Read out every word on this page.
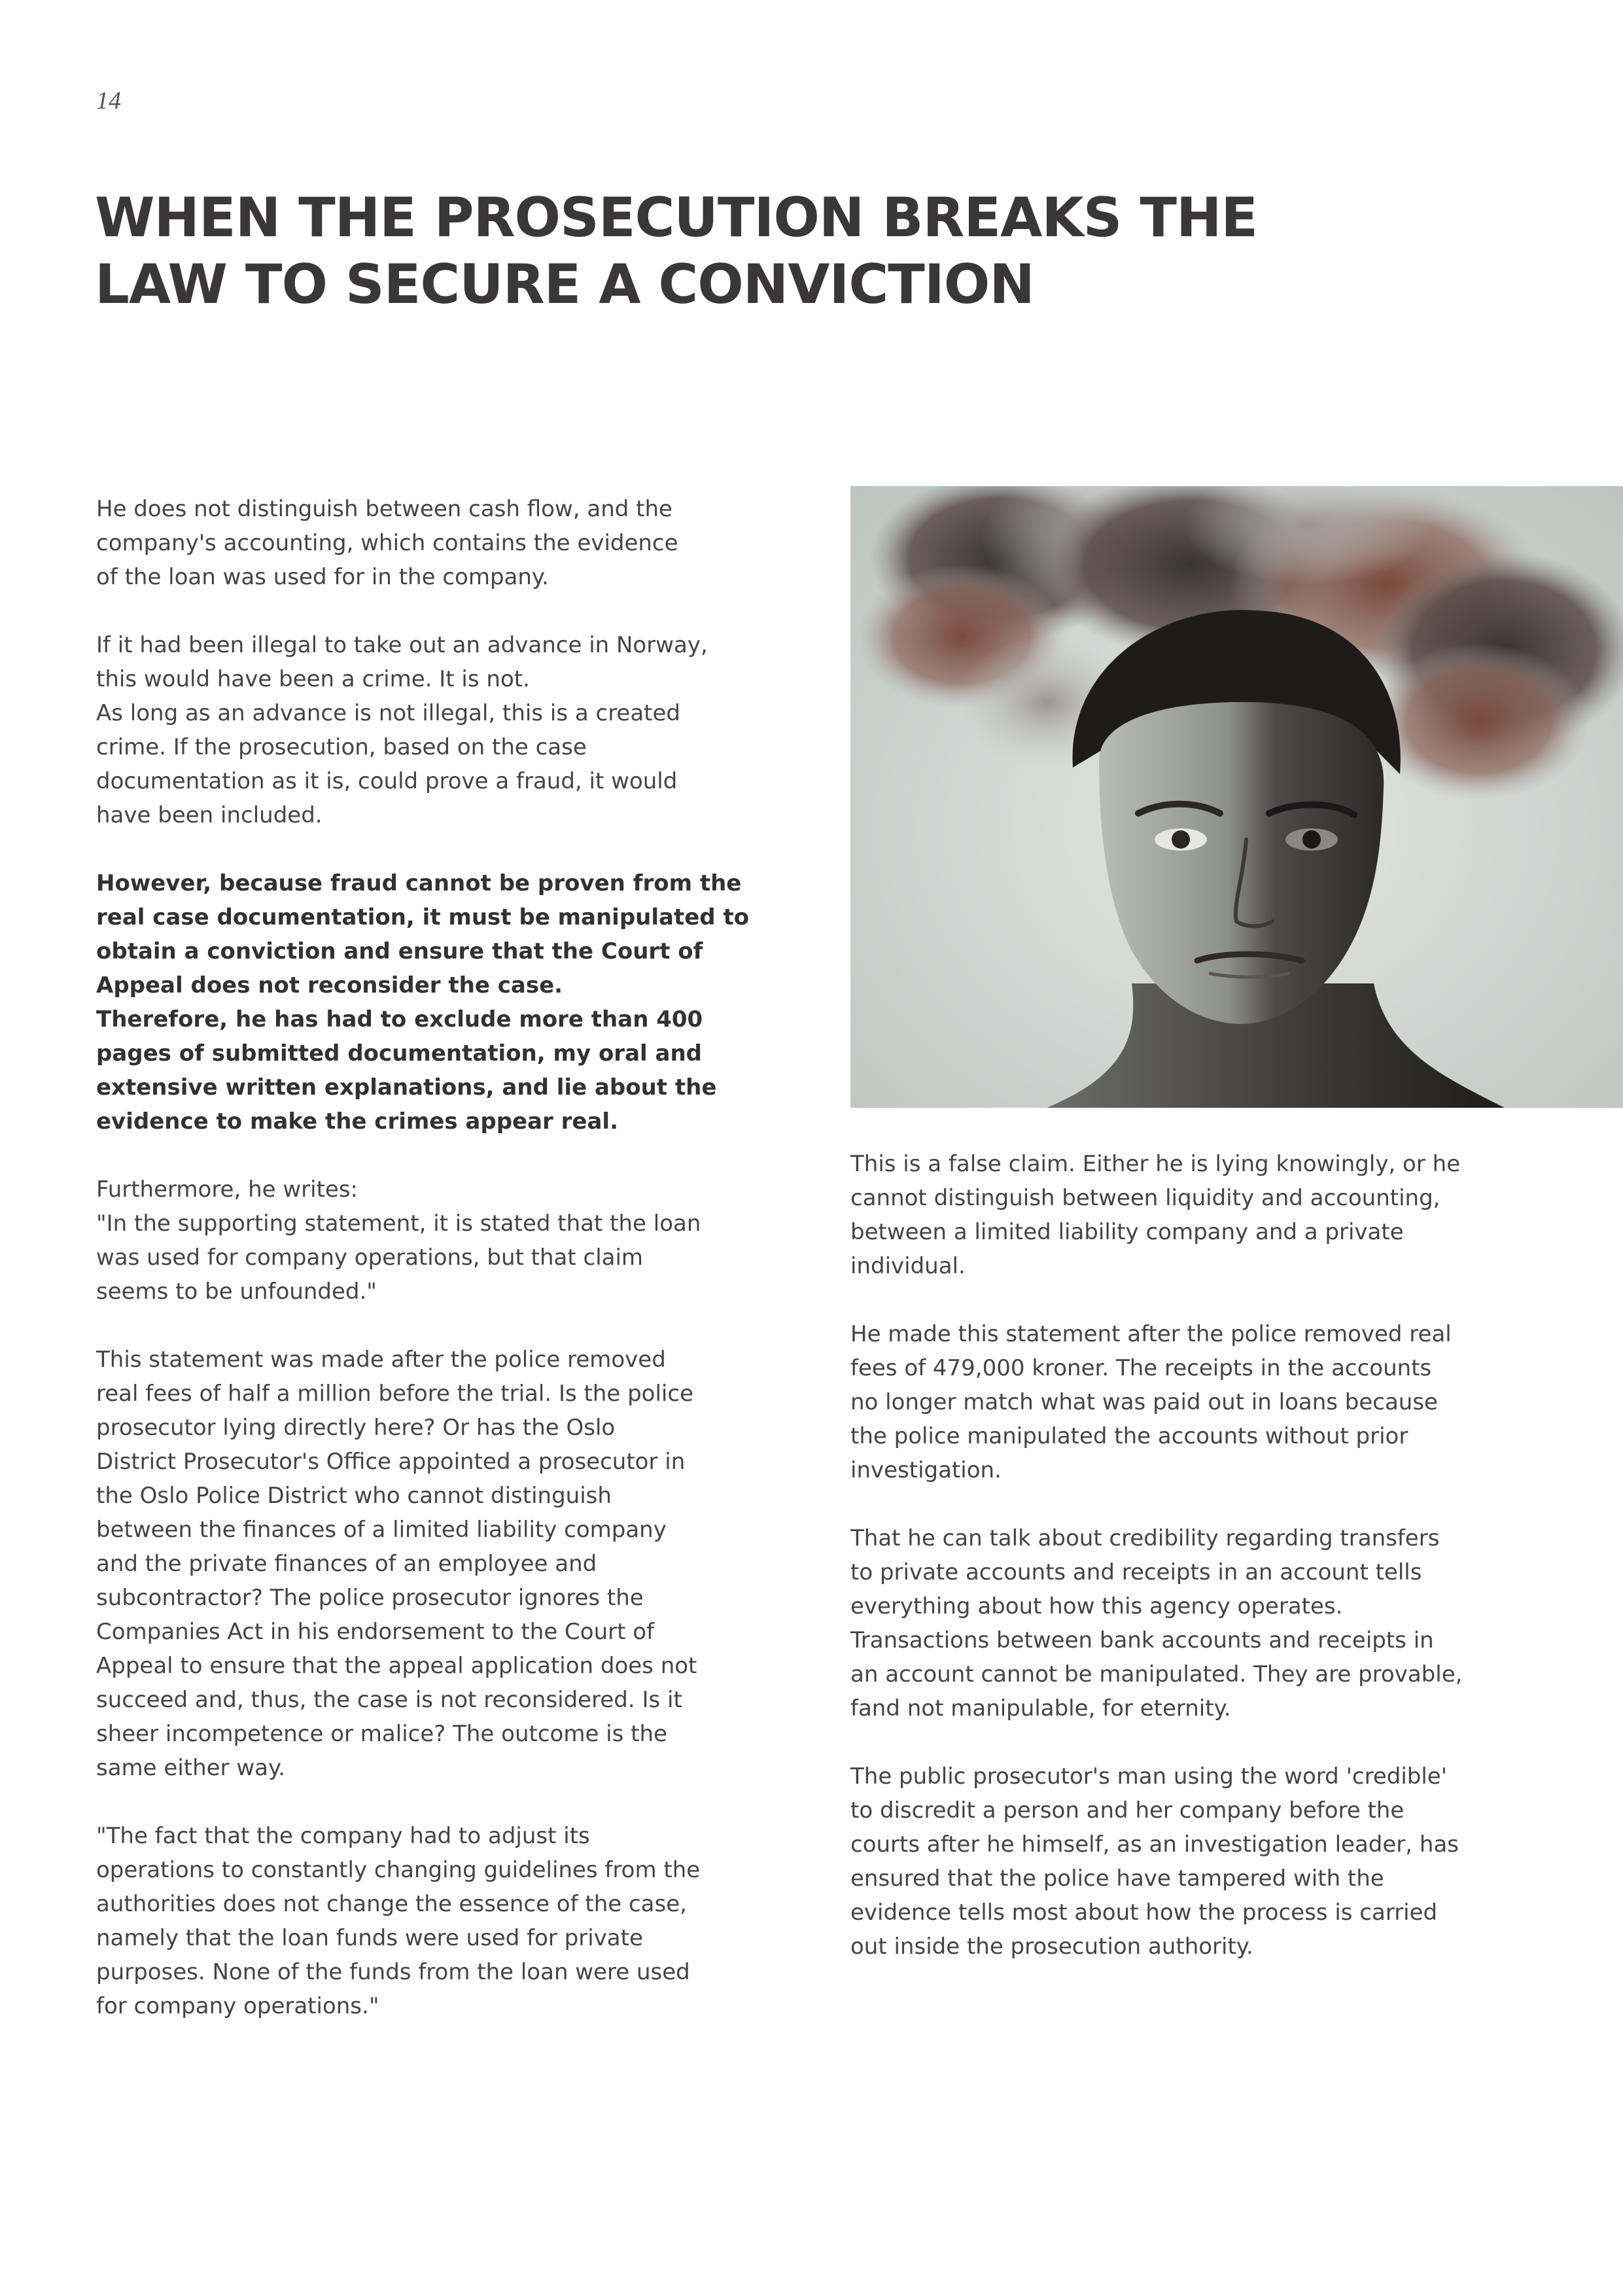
14
WHEN THE PROSECUTION BREAKS THE
LAW TO SECURE A CONVICTION

He does not distinguish between cash flow, and the
company's accounting, which contains the evidence
of the loan was used for in the company.

If it had been illegal to take out an advance in Norway,
this would have been a crime. It is not.
As long as an advance is not illegal, this is a created
crime. If the prosecution, based on the case
documentation as it is, could prove a fraud, it would
have been included.

However, because fraud cannot be proven from the
real case documentation, it must be manipulated to
obtain a conviction and ensure that the Court of
Appeal does not reconsider the case.
Therefore, he has had to exclude more than 400
pages of submitted documentation, my oral and
extensive written explanations, and lie about the
evidence to make the crimes appear real.

Furthermore, he writes:
"In the supporting statement, it is stated that the loan
was used for company operations, but that claim
seems to be unfounded."

This statement was made after the police removed
real fees of half a million before the trial. Is the police
prosecutor lying directly here? Or has the Oslo
District Prosecutor's Office appointed a prosecutor in
the Oslo Police District who cannot distinguish
between the finances of a limited liability company
and the private finances of an employee and
subcontractor? The police prosecutor ignores the
Companies Act in his endorsement to the Court of
Appeal to ensure that the appeal application does not
succeed and, thus, the case is not reconsidered. Is it
sheer incompetence or malice? The outcome is the
same either way.

"The fact that the company had to adjust its
operations to constantly changing guidelines from the
authorities does not change the essence of the case,
namely that the loan funds were used for private
purposes. None of the funds from the loan were used
for company operations."

This is a false claim. Either he is lying knowingly, or he
cannot distinguish between liquidity and accounting,
between a limited liability company and a private
individual.

He made this statement after the police removed real
fees of 479,000 kroner. The receipts in the accounts
no longer match what was paid out in loans because
the police manipulated the accounts without prior
investigation.

That he can talk about credibility regarding transfers
to private accounts and receipts in an account tells
everything about how this agency operates.
Transactions between bank accounts and receipts in
an account cannot be manipulated. They are provable,
fand not manipulable, for eternity.

The public prosecutor's man using the word 'credible'
to discredit a person and her company before the
courts after he himself, as an investigation leader, has
ensured that the police have tampered with the
evidence tells most about how the process is carried
out inside the prosecution authority.
